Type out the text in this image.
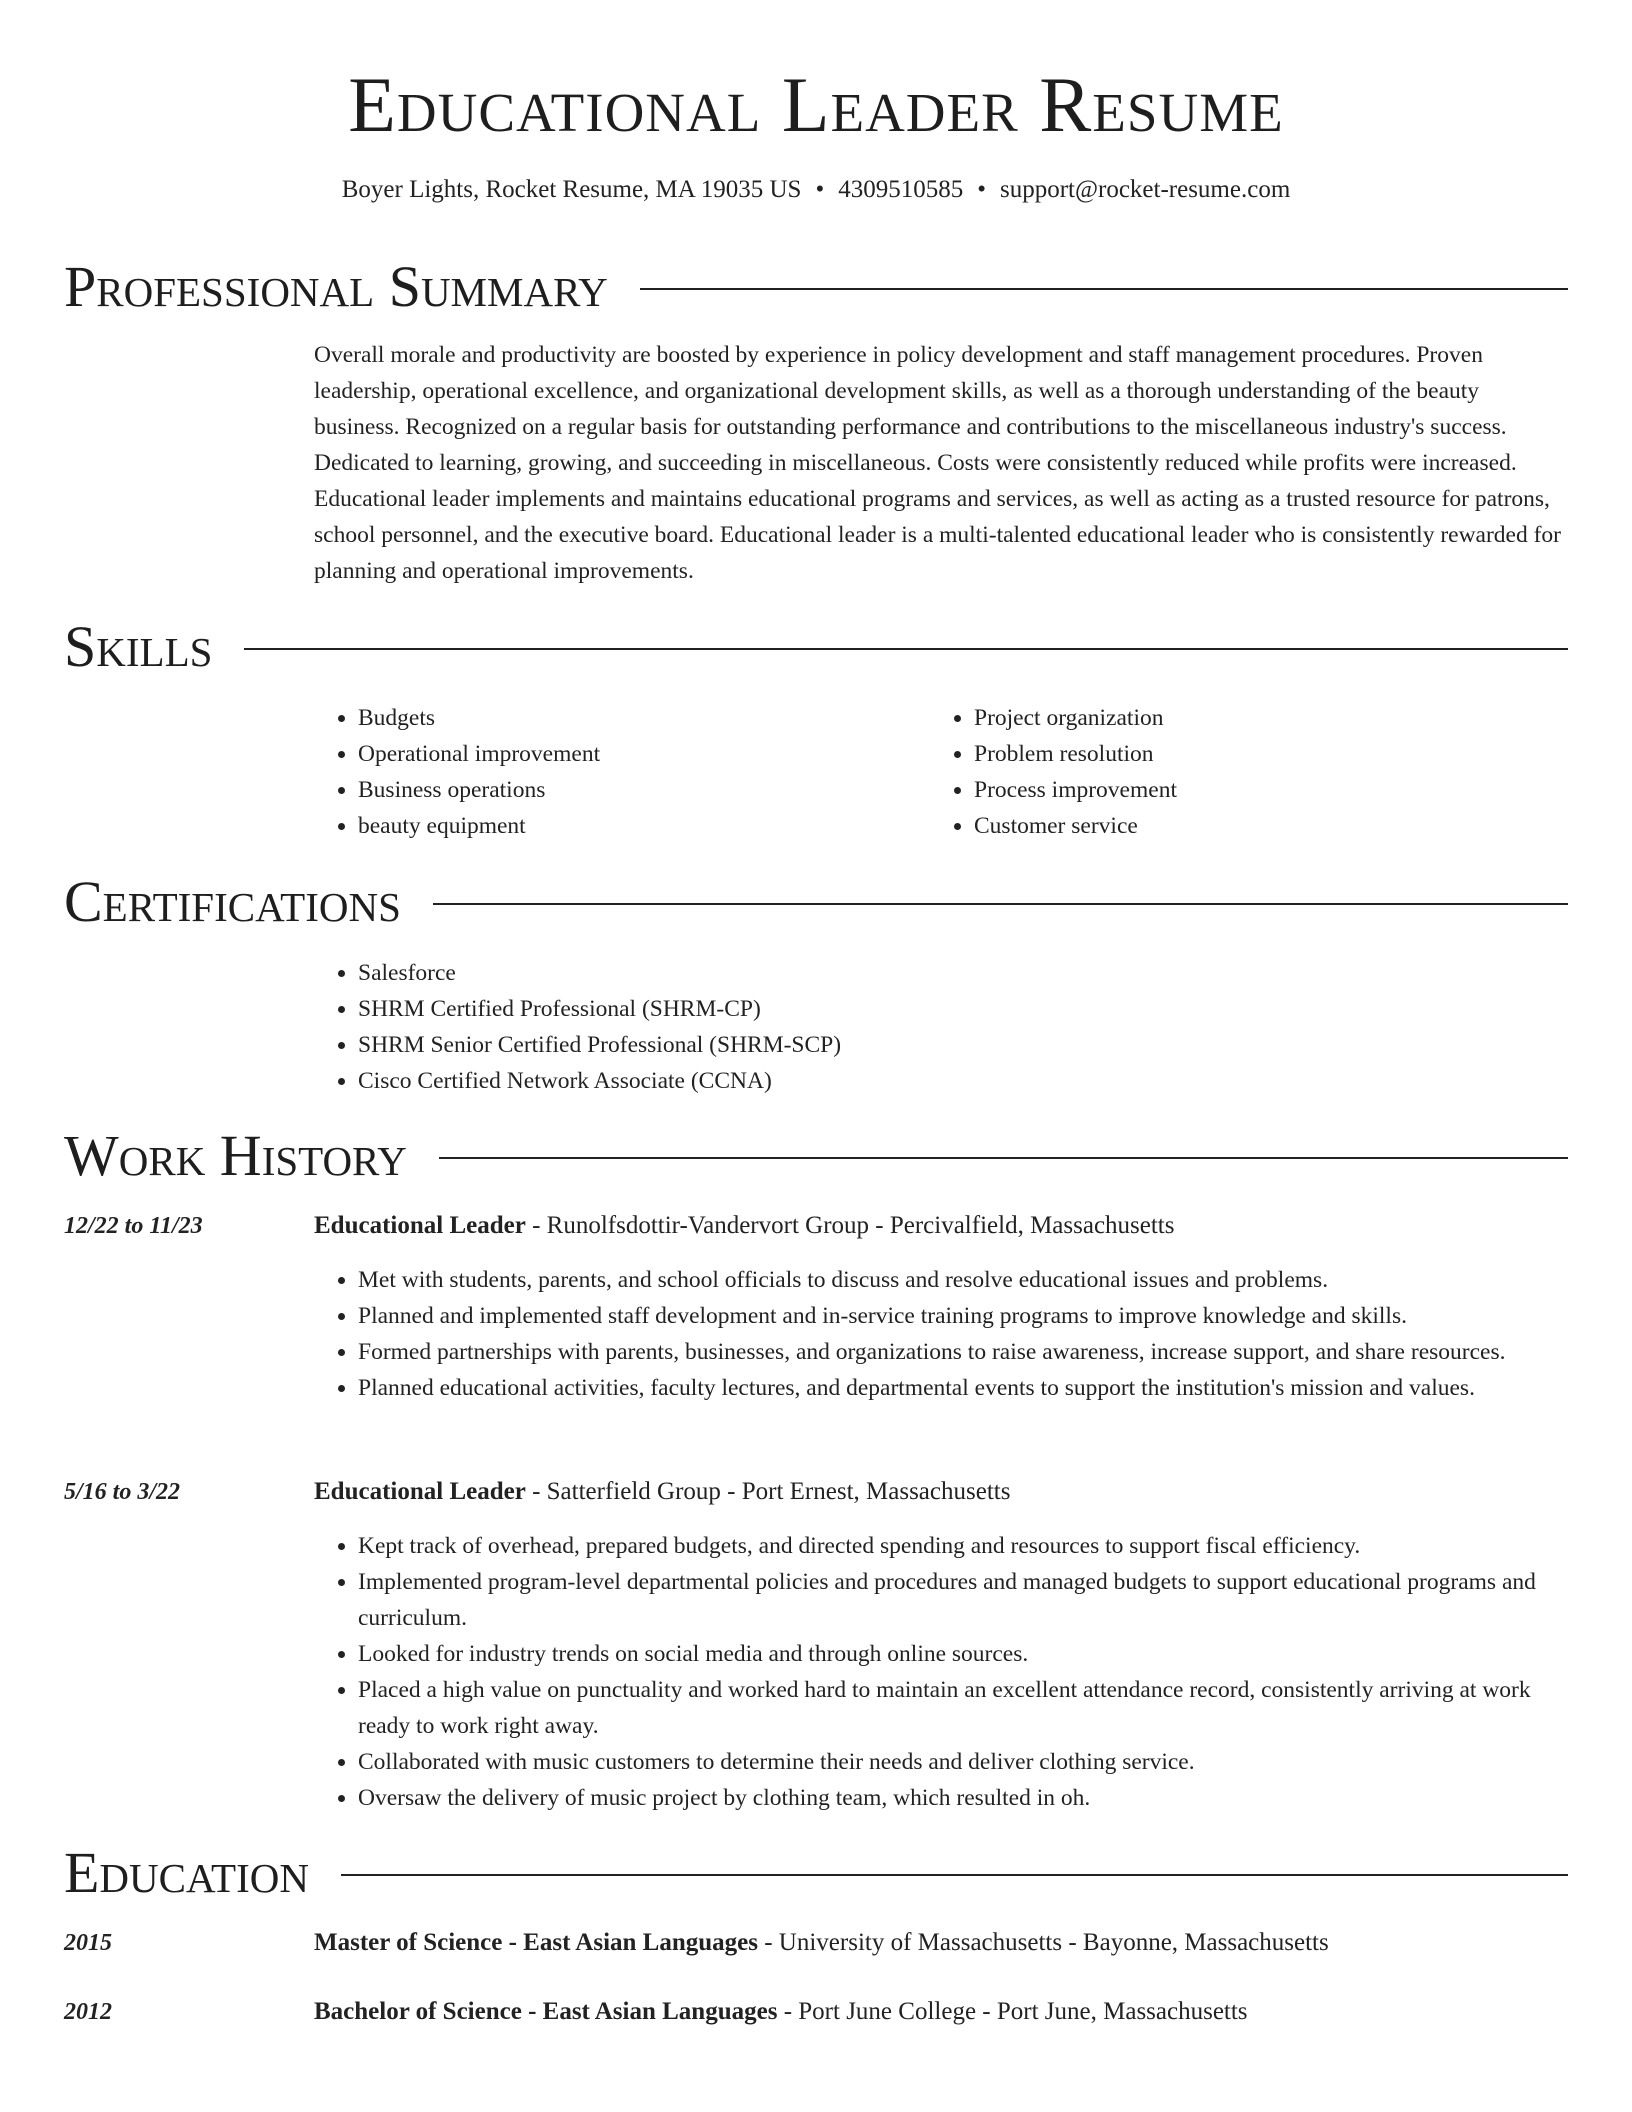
Educational Leader Resume
Boyer Lights, Rocket Resume, MA 19035 US • 4309510585 • support@rocket-resume.com
Professional Summary

Overall morale and productivity are boosted by experience in policy development and staff management procedures. Proven leadership, operational excellence, and organizational development skills, as well as a thorough understanding of the beauty business. Recognized on a regular basis for outstanding performance and contributions to the miscellaneous industry's success. Dedicated to learning, growing, and succeeding in miscellaneous. Costs were consistently reduced while profits were increased. Educational leader implements and maintains educational programs and services, as well as acting as a trusted resource for patrons, school personnel, and the executive board. Educational leader is a multi-talented educational leader who is consistently rewarded for planning and operational improvements.

Skills
• Budgets
• Operational improvement
• Business operations
• beauty equipment
• Project organization
• Problem resolution
• Process improvement
• Customer service
Certifications
• Salesforce
• SHRM Certified Professional (SHRM-CP)
• SHRM Senior Certified Professional (SHRM-SCP)
• Cisco Certified Network Associate (CCNA)
Work History
12/22 to 11/23	Educational Leader - Runolfsdottir-Vandervort Group - Percivalfield, Massachusetts
• Met with students, parents, and school officials to discuss and resolve educational issues and problems.
• Planned and implemented staff development and in-service training programs to improve knowledge and skills.
• Formed partnerships with parents, businesses, and organizations to raise awareness, increase support, and share resources.
• Planned educational activities, faculty lectures, and departmental events to support the institution's mission and values.
5/16 to 3/22	Educational Leader - Satterfield Group - Port Ernest, Massachusetts
• Kept track of overhead, prepared budgets, and directed spending and resources to support fiscal efficiency.
• Implemented program-level departmental policies and procedures and managed budgets to support educational programs and curriculum.
• Looked for industry trends on social media and through online sources.
• Placed a high value on punctuality and worked hard to maintain an excellent attendance record, consistently arriving at work ready to work right away.
• Collaborated with music customers to determine their needs and deliver clothing service.
• Oversaw the delivery of music project by clothing team, which resulted in oh.
Education
2015	Master of Science - East Asian Languages - University of Massachusetts - Bayonne, Massachusetts
2012	Bachelor of Science - East Asian Languages - Port June College - Port June, Massachusetts
